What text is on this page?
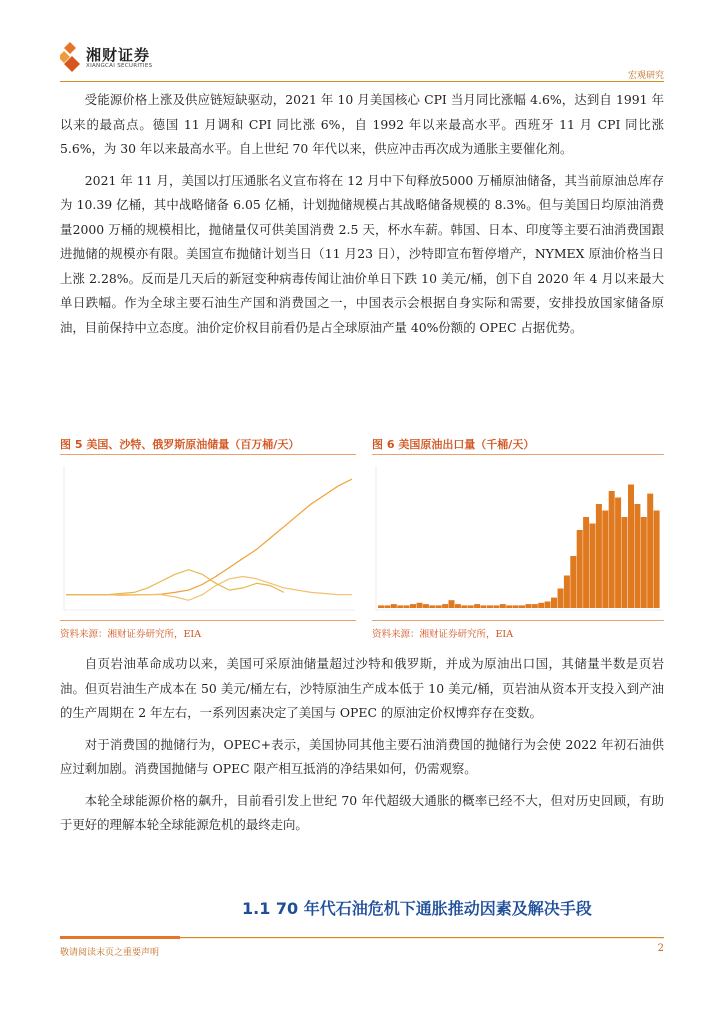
湘财证券
XIANGCAI SECURITIES
宏观研究

受能源价格上涨及供应链短缺驱动，2021 年 10 月美国核心 CPI 当月同比涨幅 4.6%，达到自 1991 年以来的最高点。德国 11 月调和 CPI 同比涨 6%，自 1992 年以来最高水平。西班牙 11 月 CPI 同比涨 5.6%，为 30 年以来最高水平。自上世纪 70 年代以来，供应冲击再次成为通胀主要催化剂。

2021 年 11 月，美国以打压通胀名义宣布将在 12 月中下旬释放5000 万桶原油储备，其当前原油总库存为 10.39 亿桶，其中战略储备 6.05 亿桶，计划抛储规模占其战略储备规模的 8.3%。但与美国日均原油消费量2000 万桶的规模相比，抛储量仅可供美国消费 2.5 天，杯水车薪。韩国、日本、印度等主要石油消费国跟进抛储的规模亦有限。美国宣布抛储计划当日（11 月23 日），沙特即宣布暂停增产，NYMEX 原油价格当日上涨 2.28%。反而是几天后的新冠变种病毒传闻让油价单日下跌 10 美元/桶，创下自 2020 年 4 月以来最大单日跌幅。作为全球主要石油生产国和消费国之一，中国表示会根据自身实际和需要，安排投放国家储备原油，目前保持中立态度。油价定价权目前看仍是占全球原油产量 40%份额的 OPEC 占据优势。

图 5 美国、沙特、俄罗斯原油储量（百万桶/天）
资料来源：湘财证券研究所，EIA
图 6 美国原油出口量（千桶/天）
资料来源：湘财证券研究所，EIA

自页岩油革命成功以来，美国可采原油储量超过沙特和俄罗斯，并成为原油出口国，其储量半数是页岩油。但页岩油生产成本在 50 美元/桶左右，沙特原油生产成本低于 10 美元/桶，页岩油从资本开支投入到产油的生产周期在 2 年左右，一系列因素决定了美国与 OPEC 的原油定价权博弈存在变数。

对于消费国的抛储行为，OPEC+表示，美国协同其他主要石油消费国的抛储行为会使 2022 年初石油供应过剩加剧。消费国抛储与 OPEC 限产相互抵消的净结果如何，仍需观察。

本轮全球能源价格的飙升，目前看引发上世纪 70 年代超级大通胀的概率已经不大，但对历史回顾，有助于更好的理解本轮全球能源危机的最终走向。

1.1 70 年代石油危机下通胀推动因素及解决手段
敬请阅读末页之重要声明	2
